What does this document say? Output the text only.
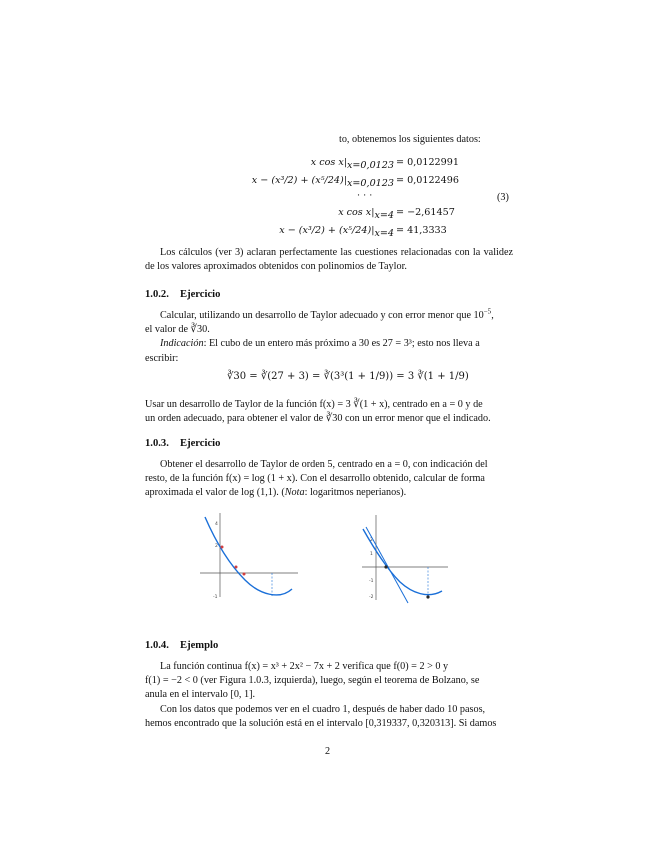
to, obtenemos los siguientes datos:
x $\cos x|_{x=0,0123} = 0,0122991$
$x - (x^3/2) + (x^5/24)|_{x=0,0123} = 0,0122496$
· · ·
x $\cos x|_{x=4} = -2,61457$
$x - (x^3/2) + (x^5/24)|_{x=4} = 41,3333$
(3)
Los cálculos (ver 3) aclaran perfectamente las cuestiones relacionadas con la validez de los valores aproximados obtenidos con polinomios de Taylor.
1.0.2. Ejercicio
Calcular, utilizando un desarrollo de Taylor adecuado y con error menor que $10^{-5}$,
el valor de ∛30.
Indicación: El cubo de un entero más próximo a 30 es 27 = 3³; esto nos lleva a
escribir:
∛30 = ∛(27 + 3) = ∛(3³(1 + 1/9)) = 3 ∛(1 + 1/9)
Usar un desarrollo de Taylor de la función f(x) = 3 ∛(1 + x), centrado en a = 0 y de
un orden adecuado, para obtener el valor de ∛30 con un error menor que el indicado.
1.0.3. Ejercicio
Obtener el desarrollo de Taylor de orden 5, centrado en a = 0, con indicación del
resto, de la función f(x) = log (1 + x). Con el desarrollo obtenido, calcular de forma
aproximada el valor de log (1,1). (Nota: logaritmos neperianos).
4
2
-1
2
1
-1
-2
1.0.4. Ejemplo
La función continua f(x) = x³ + 2x² − 7x + 2 verifica que f(0) = 2 > 0 y
f(1) = −2 < 0 (ver Figura 1.0.3, izquierda), luego, según el teorema de Bolzano, se
anula en el intervalo [0, 1].
Con los datos que podemos ver en el cuadro 1, después de haber dado 10 pasos,
hemos encontrado que la solución está en el intervalo [0,319337, 0,320313]. Si damos
2
